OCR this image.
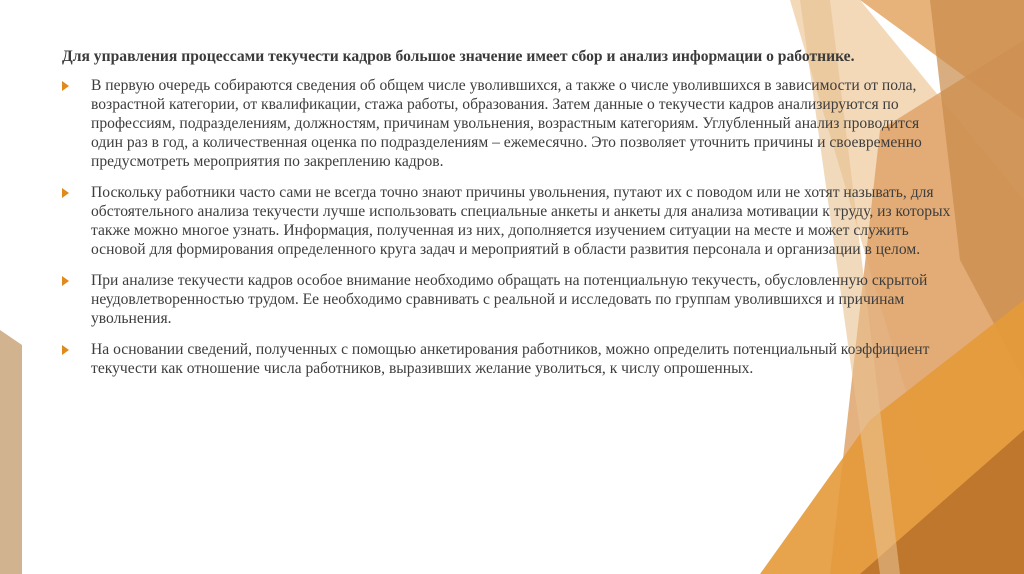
Для управления процессами текучести кадров большое значение имеет сбор и анализ информации о работнике.

В первую очередь собираются сведения об общем числе уволившихся, а также о числе уволившихся в зависимости от пола, возрастной категории, от квалификации, стажа работы, образования. Затем данные о текучести кадров анализируются по профессиям, подразделениям, должностям, причинам увольнения, возрастным категориям. Углубленный анализ проводится один раз в год, а количественная оценка по подразделениям – ежемесячно. Это позволяет уточнить причины и своевременно предусмотреть мероприятия по закреплению кадров.
Поскольку работники часто сами не всегда точно знают причины увольнения, путают их с поводом или не хотят называть, для обстоятельного анализа текучести лучше использовать специальные анкеты и анкеты для анализа мотивации к труду, из которых также можно многое узнать. Информация, полученная из них, дополняется изучением ситуации на месте и может служить основой для формирования определенного круга задач и мероприятий в области развития персонала и организации в целом.
При анализе текучести кадров особое внимание необходимо обращать на потенциальную текучесть, обусловленную скрытой неудовлетворенностью трудом. Ее необходимо сравнивать с реальной и исследовать по группам уволившихся и причинам увольнения.
На основании сведений, полученных с помощью анкетирования работников, можно определить потенциальный коэффициент текучести как отношение числа работников, выразивших желание уволиться, к числу опрошенных.
